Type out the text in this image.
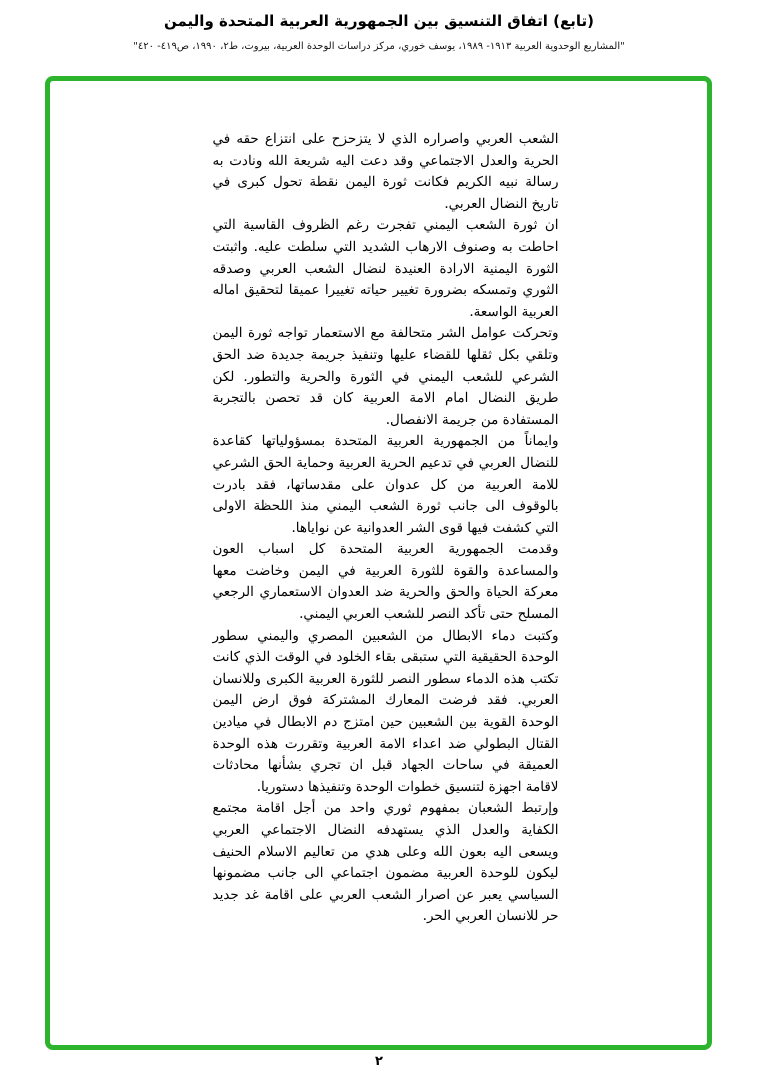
(تابع) اتفاق التنسيق بين الجمهورية العربية المتحدة واليمن
"المشاريع الوحدوية العربية ١٩١٣- ١٩٨٩، يوسف خوري، مركز دراسات الوحدة العربية، بيروت، ط٢، ١٩٩٠، ص٤١٩- ٤٢٠"

الشعب العربي واصراره الذي لا يتزحزح على انتزاع حقه في الحرية والعدل الاجتماعي وقد دعت اليه شريعة الله ونادت به رسالة نبيه الكريم فكانت ثورة اليمن نقطة تحول كبرى في تاريخ النضال العربي.

ان ثورة الشعب اليمني تفجرت رغم الظروف القاسية التي احاطت به وصنوف الارهاب الشديد التي سلطت عليه. واثبتت الثورة اليمنية الارادة العنيدة لنضال الشعب العربي وصدقه الثوري وتمسكه بضرورة تغيير حياته تغييرا عميقا لتحقيق اماله العربية الواسعة.

وتحركت عوامل الشر متحالفة مع الاستعمار تواجه ثورة اليمن وتلقي بكل ثقلها للقضاء عليها وتنفيذ جريمة جديدة ضد الحق الشرعي للشعب اليمني في الثورة والحرية والتطور. لكن طريق النضال امام الامة العربية كان قد تحصن بالتجربة المستفادة من جريمة الانفصال.

وايماناً من الجمهورية العربية المتحدة بمسؤولياتها كقاعدة للنضال العربي في تدعيم الحرية العربية وحماية الحق الشرعي للامة العربية من كل عدوان على مقدساتها، فقد بادرت بالوقوف الى جانب ثورة الشعب اليمني منذ اللحظة الاولى التي كشفت فيها قوى الشر العدوانية عن نواياها.

وقدمت الجمهورية العربية المتحدة كل اسباب العون والمساعدة والقوة للثورة العربية في اليمن وخاضت معها معركة الحياة والحق والحرية ضد العدوان الاستعماري الرجعي المسلح حتى تأكد النصر للشعب العربي اليمني.

وكتبت دماء الابطال من الشعبين المصري واليمني سطور الوحدة الحقيقية التي ستبقى بقاء الخلود في الوقت الذي كانت تكتب هذه الدماء سطور النصر للثورة العربية الكبرى وللانسان العربي. فقد فرضت المعارك المشتركة فوق ارض اليمن الوحدة القوية بين الشعبين حين امتزج دم الابطال في ميادين القتال البطولي ضد اعداء الامة العربية وتقررت هذه الوحدة العميقة في ساحات الجهاد قبل ان تجري بشأنها محادثات لاقامة اجهزة لتنسيق خطوات الوحدة وتنفيذها دستوريا.

وإرتبط الشعبان بمفهوم ثوري واحد من أجل اقامة مجتمع الكفاية والعدل الذي يستهدفه النضال الاجتماعي العربي ويسعى اليه بعون الله وعلى هدي من تعاليم الاسلام الحنيف ليكون للوحدة العربية مضمون اجتماعي الى جانب مضمونها السياسي يعبر عن اصرار الشعب العربي على اقامة غد جديد حر للانسان العربي الحر.

٢
